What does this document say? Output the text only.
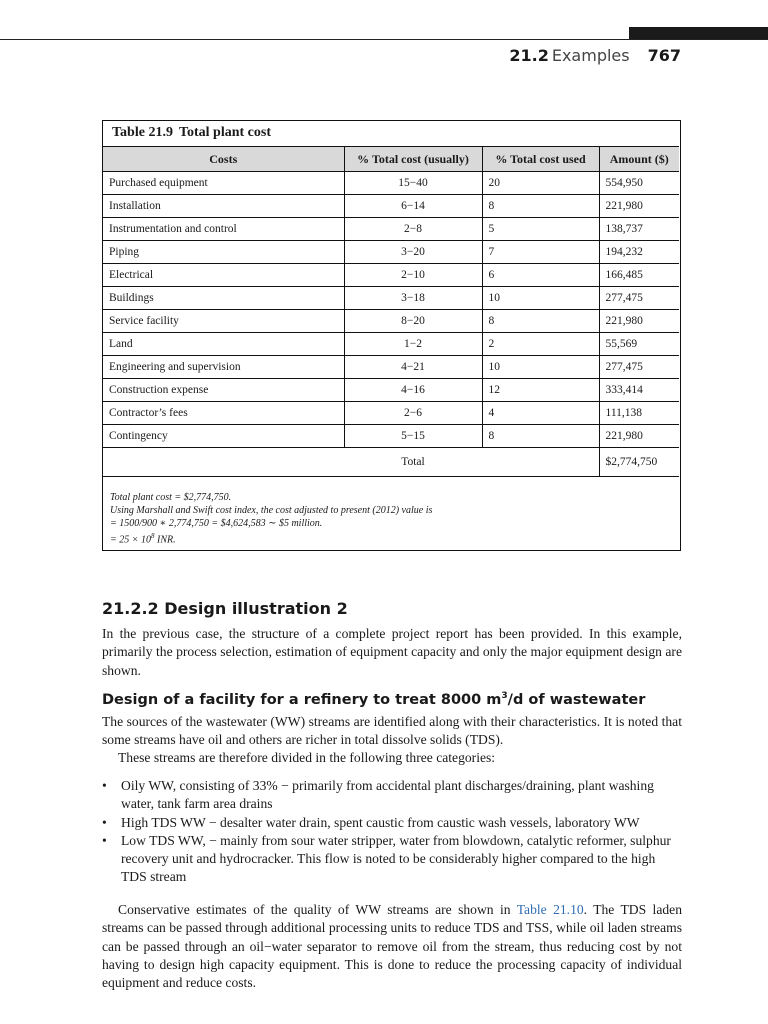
21.2 Examples 767
Table 21.9 Total plant cost
Costs	% Total cost (usually)	% Total cost used	Amount ($)
Purchased equipment	15−40	20	554,950
Installation	6−14	8	221,980
Instrumentation and control	2−8	5	138,737
Piping	3−20	7	194,232
Electrical	2−10	6	166,485
Buildings	3−18	10	277,475
Service facility	8−20	8	221,980
Land	1−2	2	55,569
Engineering and supervision	4−21	10	277,475
Construction expense	4−16	12	333,414
Contractor’s fees	2−6	4	111,138
Contingency	5−15	8	221,980
	Total		$2,774,750
Total plant cost = $2,774,750.
Using Marshall and Swift cost index, the cost adjusted to present (2012) value is
= 1500/900 ∗ 2,774,750 = $4,624,583 ∼ $5 million.
= $25 \times 10^8$ INR.
21.2.2 Design illustration 2

In the previous case, the structure of a complete project report has been provided. In this example, primarily the process selection, estimation of equipment capacity and only the major equipment design are shown.

Design of a facility for a refinery to treat 8000 $m^3/d$ of wastewater

The sources of the wastewater (WW) streams are identified along with their characteristics. It is noted that some streams have oil and others are richer in total dissolve solids (TDS).

These streams are therefore divided in the following three categories:

• Oily WW, consisting of 33% − primarily from accidental plant discharges/draining, plant washing water, tank farm area drains
• High TDS WW − desalter water drain, spent caustic from caustic wash vessels, laboratory WW
• Low TDS WW, − mainly from sour water stripper, water from blowdown, catalytic reformer, sulphur recovery unit and hydrocracker. This flow is noted to be considerably higher compared to the high TDS stream

Conservative estimates of the quality of WW streams are shown in Table 21.10. The TDS laden streams can be passed through additional processing units to reduce TDS and TSS, while oil laden streams can be passed through an oil−water separator to remove oil from the stream, thus reducing cost by not having to design high capacity equipment. This is done to reduce the processing capacity of individual equipment and reduce costs.
